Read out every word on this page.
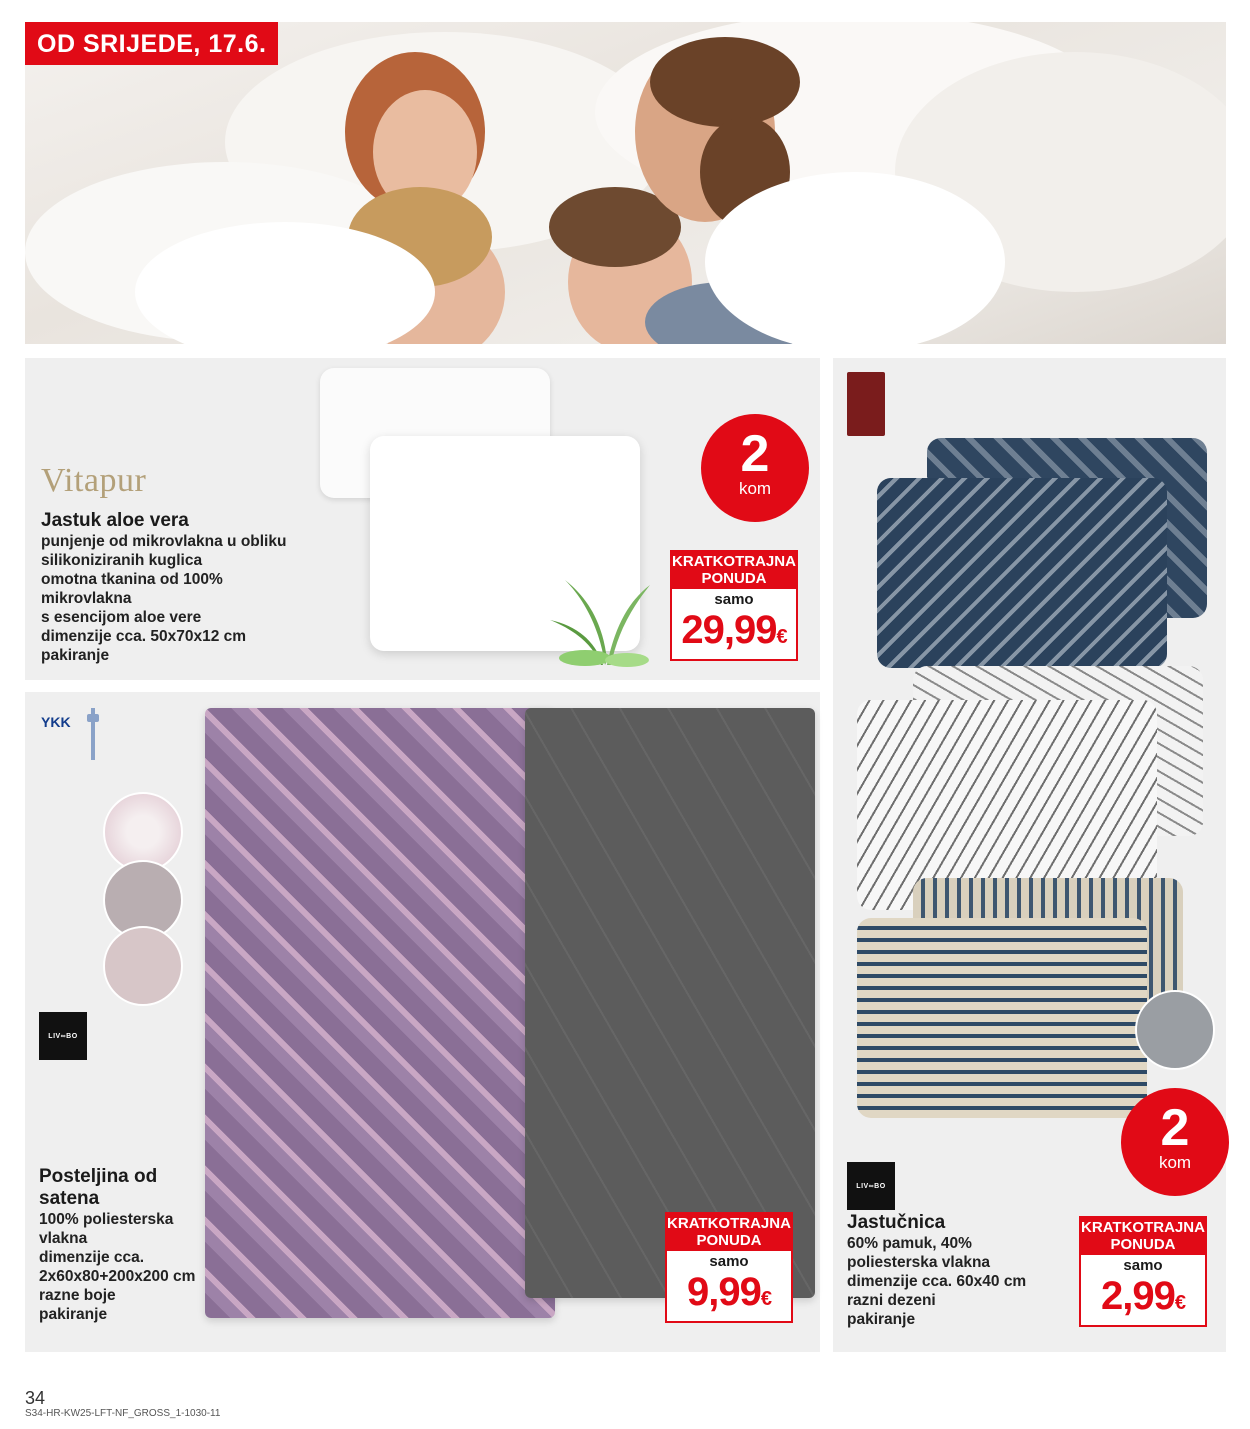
OD SRIJEDE, 17.6.
Vitapur
Jastuk aloe vera
punjenje od mikrovlakna u obliku
silikoniziranih kuglica
omotna tkanina od 100%
mikrovlakna
s esencijom aloe vere
dimenzije cca. 50x70x12 cm
pakiranje
2
kom
KRATKOTRAJNA
PONUDA
samo
29,99€
YKK
LIV∞BO
Posteljina od
satena
100% poliesterska
vlakna
dimenzije cca.
2x60x80+200x200 cm
razne boje
pakiranje
KRATKOTRAJNA
PONUDA
samo
9,99€
LIV∞BO
2
kom
Jastučnica
60% pamuk, 40%
poliesterska vlakna
dimenzije cca. 60x40 cm
razni dezeni
pakiranje
KRATKOTRAJNA
PONUDA
samo
2,99€
34
S34-HR-KW25-LFT-NF_GROSS_1-1030-11
